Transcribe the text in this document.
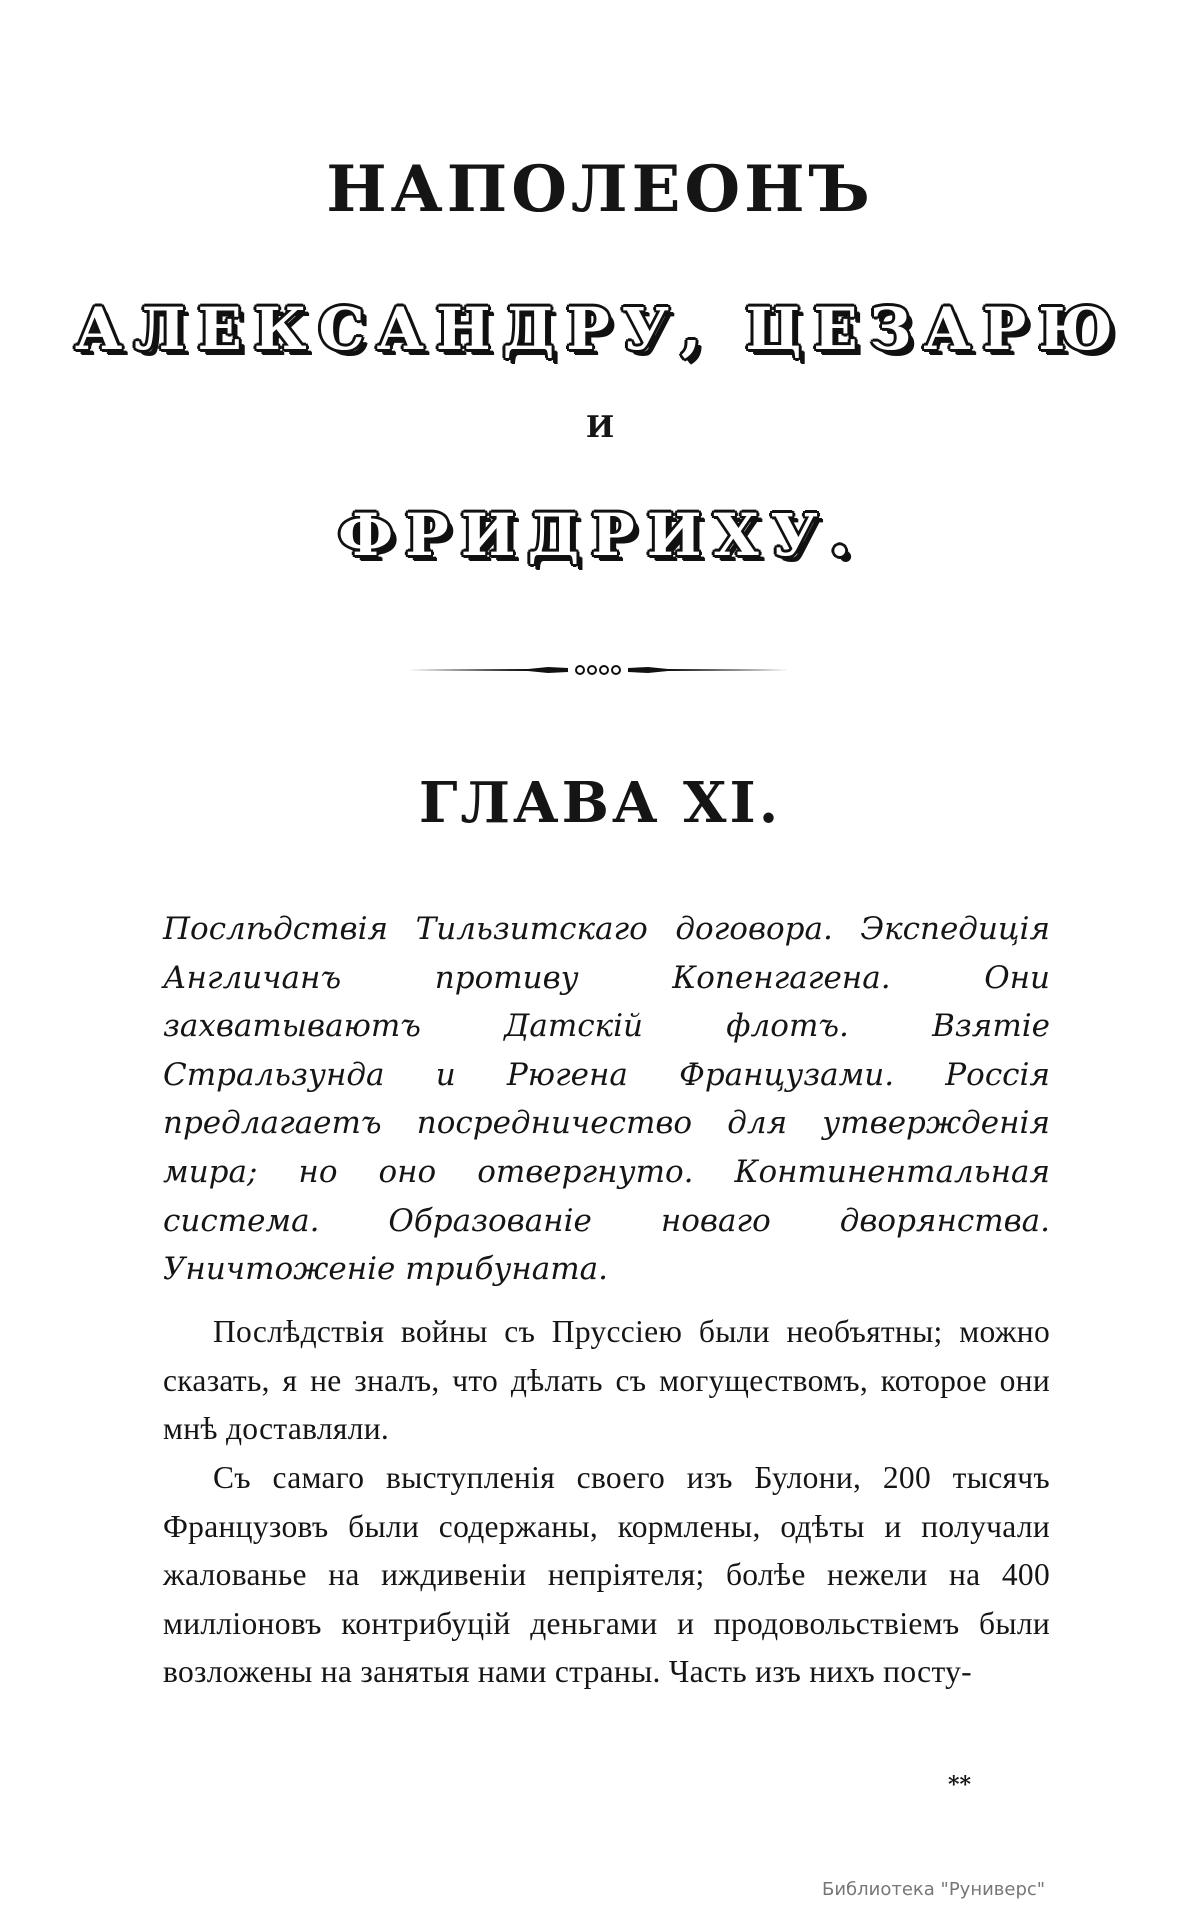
НАПОЛЕОНЪ
АЛЕКСАНДРУ, ЦЕЗАРЮ
И
ФРИДРИХУ.
ГЛАВА XI.

Послѣдствія Тильзитскаго договора. Экспедиція Англичанъ противу Копенгагена. Они захватываютъ Датскій флотъ. Взятіе Стральзунда и Рюгена Французами. Россія предлагаетъ посредничество для утвержденія мира; но оно отвергнуто. Континентальная система. Образованіе новаго дворянства. Уничтоженіе трибуната.

Послѣдствія войны съ Пруссіею были необъятны; можно сказать, я не зналъ, что дѣлать съ могуществомъ, которое они мнѣ доставляли.

Съ самаго выступленія своего изъ Булони, 200 тысячъ Французовъ были содержаны, кормлены, одѣты и получали жалованье на иждивеніи непріятеля; болѣе нежели на 400 милліоновъ контрибуцій деньгами и продовольствіемъ были возложены на занятыя нами страны. Часть изъ нихъ посту-

**
Библиотека "Руниверс"
